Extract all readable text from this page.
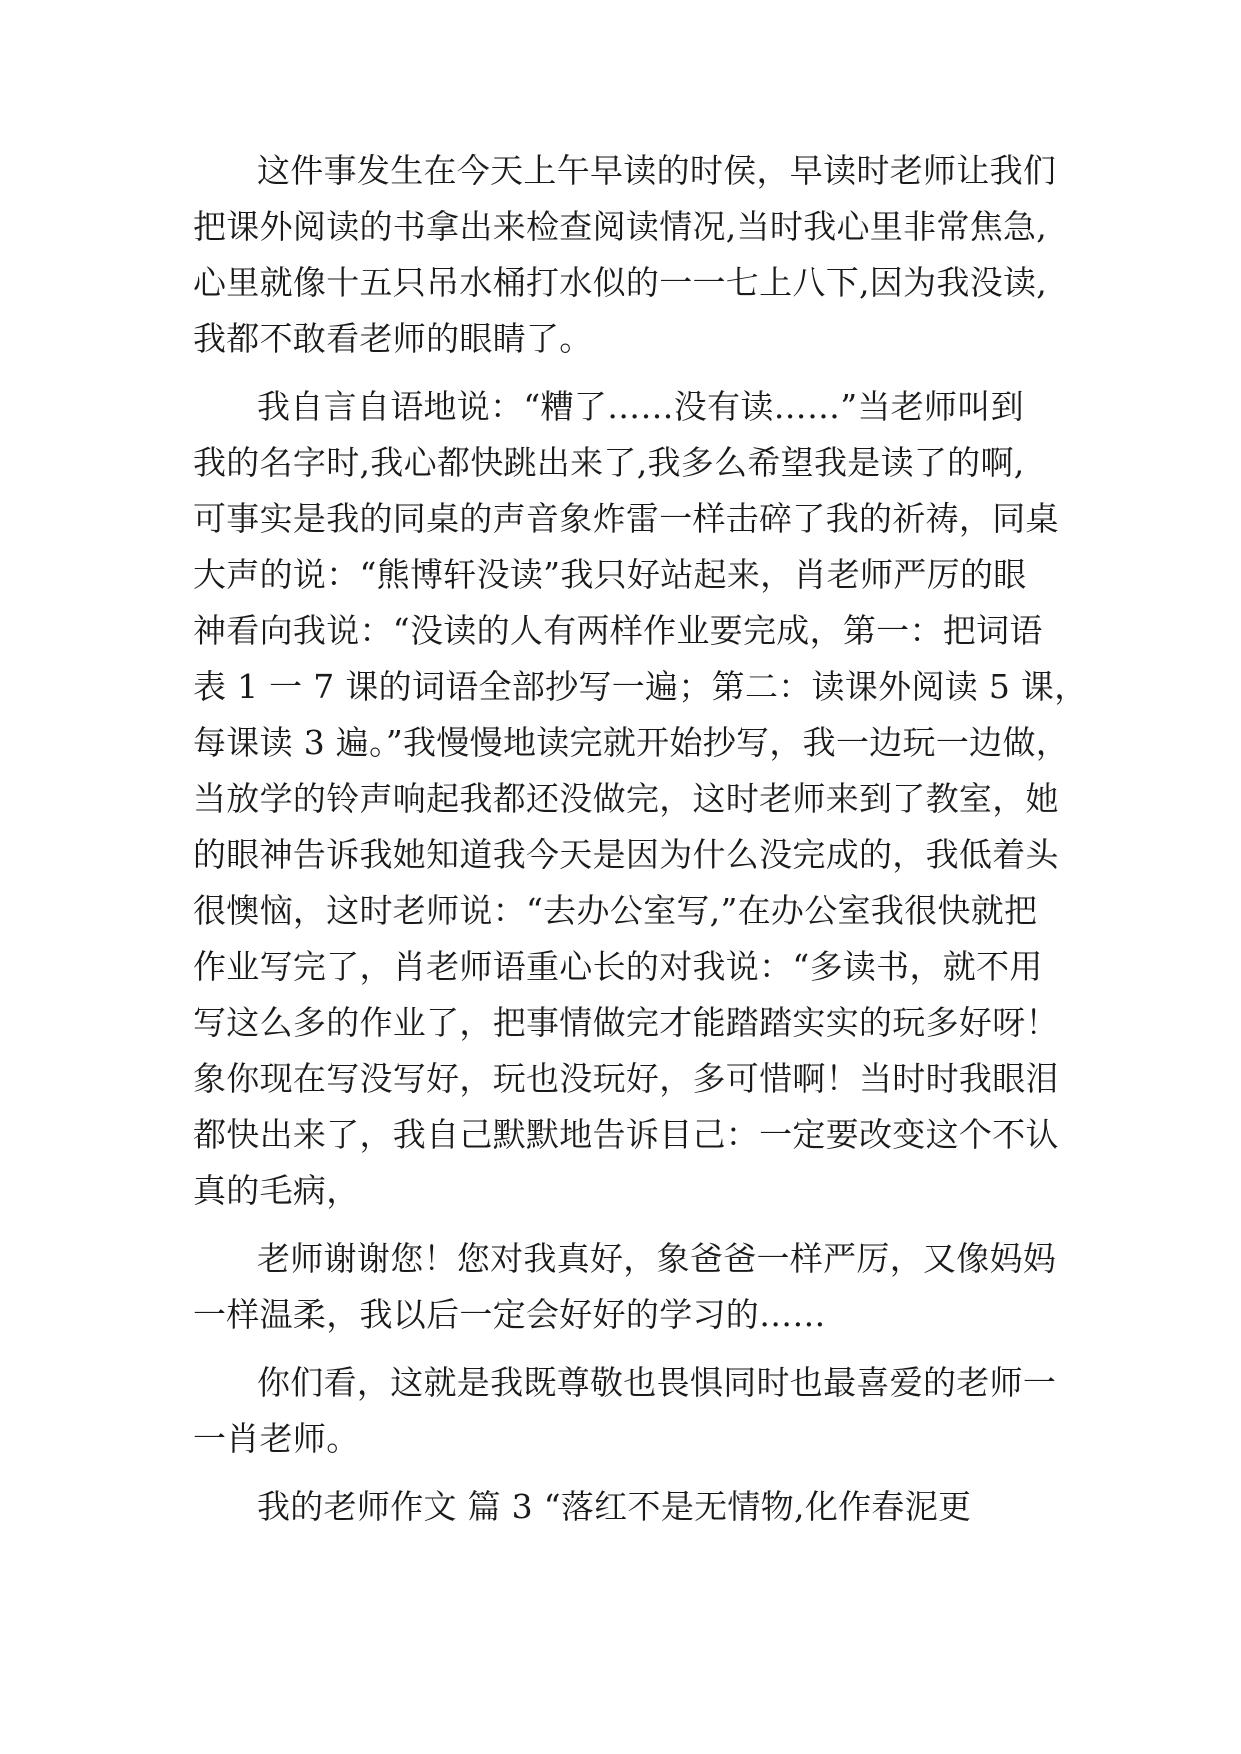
这件事发生在今天上午早读的时侯，早读时老师让我们
把课外阅读的书拿出来检查阅读情况,当时我心里非常焦急,
心里就像十五只吊水桶打水似的一一七上八下,因为我没读,
我都不敢看老师的眼睛了。
我自言自语地说：“糟了……没有读……”当老师叫到
我的名字时,我心都快跳出来了,我多么希望我是读了的啊,
可事实是我的同桌的声音象炸雷一样击碎了我的祈祷，同桌
大声的说：“熊博轩没读”我只好站起来，肖老师严厉的眼
神看向我说：“没读的人有两样作业要完成，第一：把词语
表 1 一 7 课的词语全部抄写一遍；第二：读课外阅读 5 课，
每课读 3 遍。”我慢慢地读完就开始抄写，我一边玩一边做，
当放学的铃声响起我都还没做完，这时老师来到了教室，她
的眼神告诉我她知道我今天是因为什么没完成的，我低着头
很懊恼，这时老师说：“去办公室写,”在办公室我很快就把
作业写完了，肖老师语重心长的对我说：“多读书，就不用
写这么多的作业了，把事情做完才能踏踏实实的玩多好呀！
象你现在写没写好，玩也没玩好，多可惜啊！当时时我眼泪
都快出来了，我自己默默地告诉目己：一定要改变这个不认
真的毛病，
老师谢谢您！您对我真好，象爸爸一样严厉，又像妈妈
一样温柔，我以后一定会好好的学习的……
你们看，这就是我既尊敬也畏惧同时也最喜爱的老师一
一肖老师。
我的老师作文 篇 3 “落红不是无情物,化作春泥更
